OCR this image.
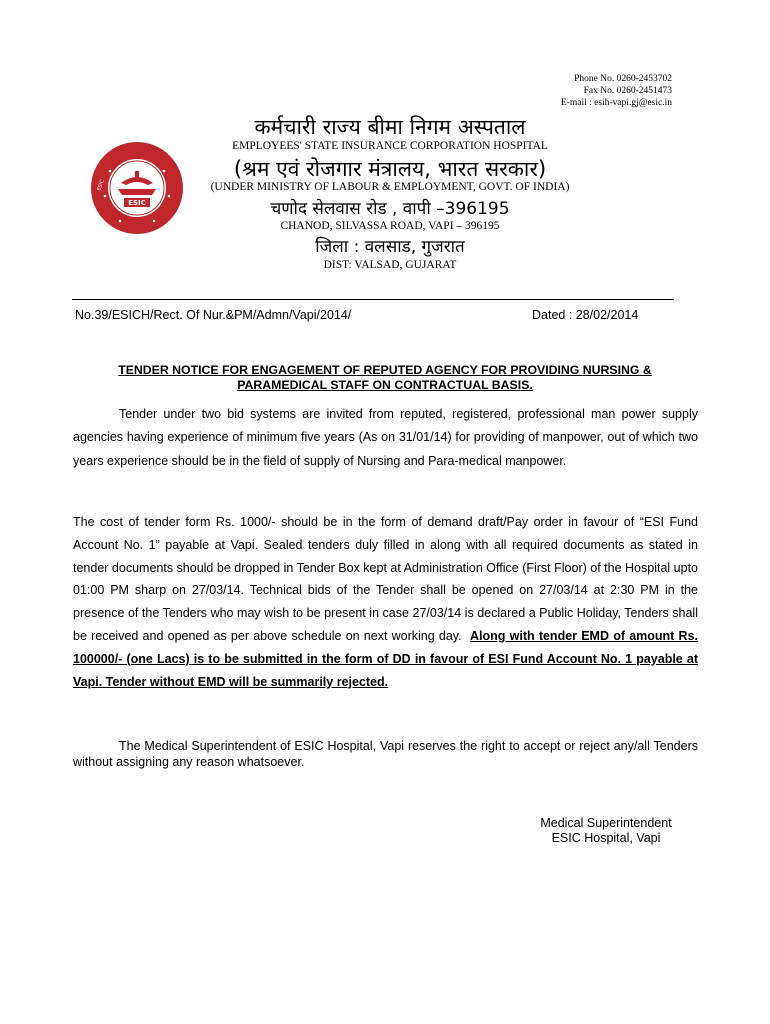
Phone No. 0260-2453702
Fax No. 0260-2451473
E-mail : esih-vapi.gj@esic.in
ESIC
ESIC
कर्मचारी राज्य बीमा निगम अस्पताल
EMPLOYEES' STATE INSURANCE CORPORATION HOSPITAL
(श्रम एवं रोजगार मंत्रालय, भारत सरकार)
(UNDER MINISTRY OF LABOUR & EMPLOYMENT, GOVT. OF INDIA)
चणोद सेलवास रोड , वापी –396195
CHANOD, SILVASSA ROAD, VAPI – 396195
जिला : वलसाड, गुजरात
DIST: VALSAD, GUJARAT
No.39/ESICH/Rect. Of Nur.&PM/Admn/Vapi/2014/	Dated : 28/02/2014
TENDER NOTICE FOR ENGAGEMENT OF REPUTED AGENCY FOR PROVIDING NURSING &
PARAMEDICAL STAFF ON CONTRACTUAL BASIS.
Tender under two bid systems are invited from reputed, registered, professional man power supply agencies having experience of minimum five years (As on 31/01/14) for providing of manpower, out of which two years experience should be in the field of supply of Nursing and Para-medical manpower.
The cost of tender form Rs. 1000/- should be in the form of demand draft/Pay order in favour of “ESI Fund Account No. 1” payable at Vapi. Sealed tenders duly filled in along with all required documents as stated in tender documents should be dropped in Tender Box kept at Administration Office (First Floor) of the Hospital upto 01:00 PM sharp on 27/03/14. Technical bids of the Tender shall be opened on 27/03/14 at 2:30 PM in the presence of the Tenders who may wish to be present in case 27/03/14 is declared a Public Holiday, Tenders shall be received and opened as per above schedule on next working day. Along with tender EMD of amount Rs. 100000/- (one Lacs) is to be submitted in the form of DD in favour of ESI Fund Account No. 1 payable at Vapi. Tender without EMD will be summarily rejected.
The Medical Superintendent of ESIC Hospital, Vapi reserves the right to accept or reject any/all Tenders without assigning any reason whatsoever.
Medical Superintendent
ESIC Hospital, Vapi
